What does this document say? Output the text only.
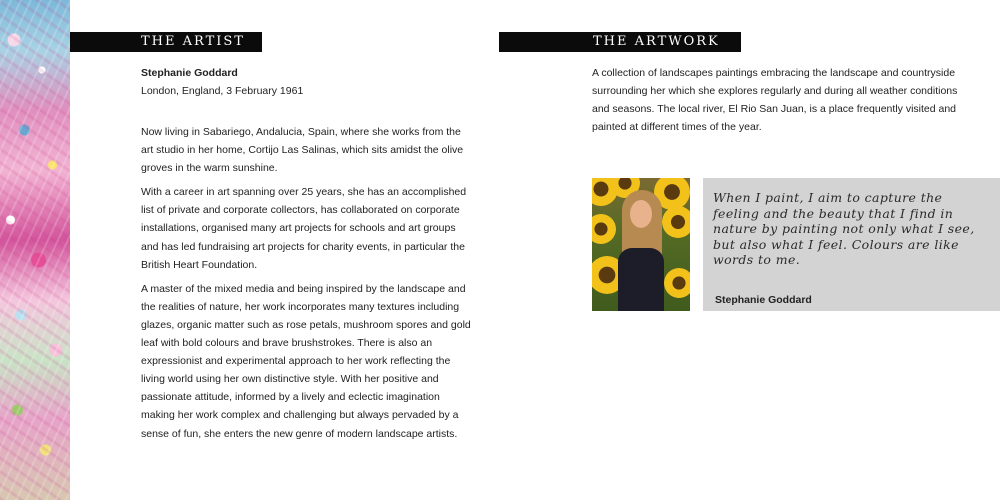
THE ARTIST

Stephanie Goddard

London, England, 3 February 1961

Now living in Sabariego, Andalucia, Spain, where she works from the art studio in her home, Cortijo Las Salinas, which sits amidst the olive groves in the warm sunshine.

With a career in art spanning over 25 years, she has an accomplished list of private and corporate collectors, has collaborated on corporate installations, organised many art projects for schools and art groups and has led fundraising art projects for charity events, in particular the British Heart Foundation.

A master of the mixed media and being inspired by the landscape and the realities of nature, her work incorporates many textures including glazes, organic matter such as rose petals, mushroom spores and gold leaf with bold colours and brave brushstrokes. There is also an expressionist and experimental approach to her work reflecting the living world using her own distinctive style. With her positive and passionate attitude, informed by a lively and eclectic imagination making her work complex and challenging but always pervaded by a sense of fun, she enters the new genre of modern landscape artists.

THE ARTWORK
A collection of landscapes paintings embracing the landscape and countryside surrounding her which she explores regularly and during all weather conditions and seasons. The local river, El Rio San Juan, is a place frequently visited and painted at different times of the year.
When I paint, I aim to capture the feeling and the beauty that I find in nature by painting not only what I see, but also what I feel. Colours are like words to me.
Stephanie Goddard
